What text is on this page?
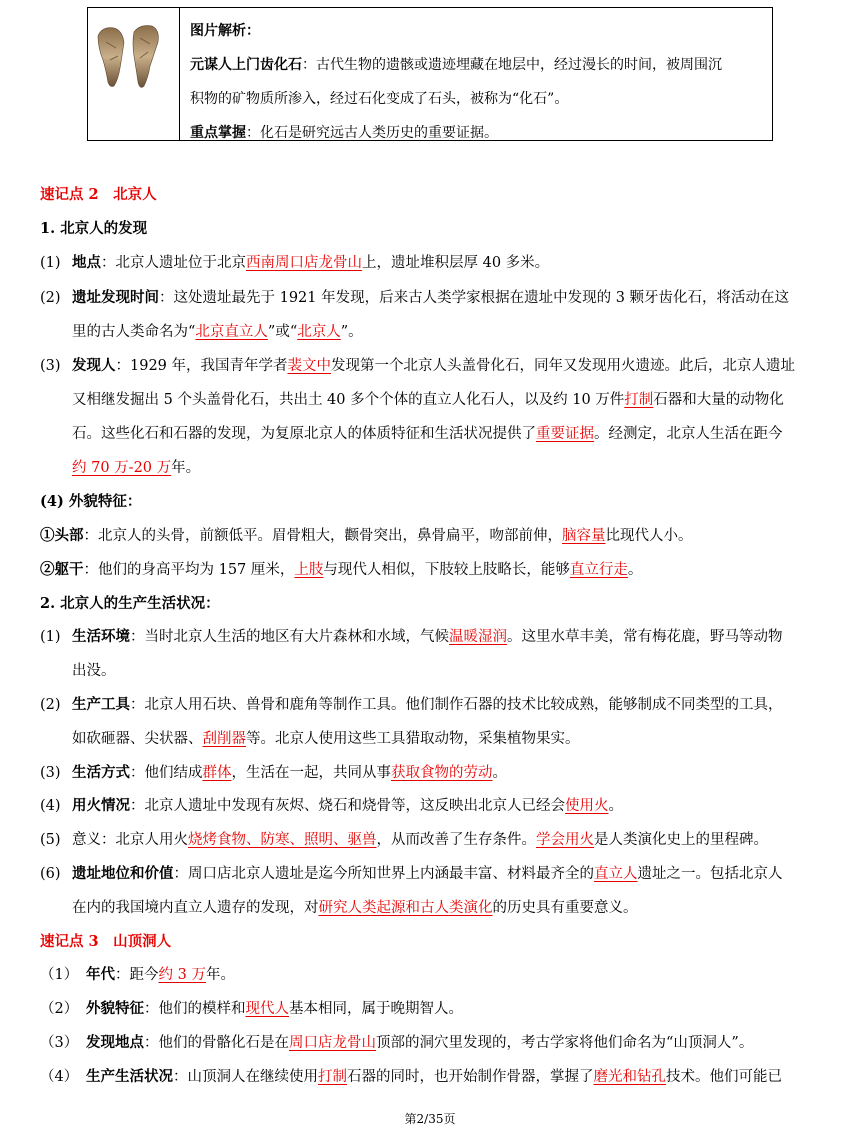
图片解析：

元谋人上门齿化石：古代生物的遗骸或遗迹埋藏在地层中，经过漫长的时间，被周围沉

积物的矿物质所渗入，经过石化变成了石头，被称为“化石”。

重点掌握：化石是研究远古人类历史的重要证据。

速记点 2　北京人
1. 北京人的发现
(1) 地点：北京人遗址位于北京西南周口店龙骨山上，遗址堆积层厚 40 多米。
(2) 遗址发现时间：这处遗址最先于 1921 年发现，后来古人类学家根据在遗址中发现的 3 颗牙齿化石，将活动在这
里的古人类命名为“北京直立人”或“北京人”。
(3) 发现人：1929 年，我国青年学者裴文中发现第一个北京人头盖骨化石，同年又发现用火遗迹。此后，北京人遗址
又相继发掘出 5 个头盖骨化石，共出土 40 多个个体的直立人化石人，以及约 10 万件打制石器和大量的动物化
石。这些化石和石器的发现，为复原北京人的体质特征和生活状况提供了重要证据。经测定，北京人生活在距今
约 70 万-20 万年。
(4) 外貌特征：
①头部：北京人的头骨，前额低平。眉骨粗大，颧骨突出，鼻骨扁平，吻部前伸，脑容量比现代人小。
②躯干：他们的身高平均为 157 厘米，上肢与现代人相似，下肢较上肢略长，能够直立行走。
2. 北京人的生产生活状况：
(1) 生活环境：当时北京人生活的地区有大片森林和水域，气候温暖湿润。这里水草丰美，常有梅花鹿，野马等动物
出没。
(2) 生产工具：北京人用石块、兽骨和鹿角等制作工具。他们制作石器的技术比较成熟，能够制成不同类型的工具，
如砍砸器、尖状器、刮削器等。北京人使用这些工具猎取动物，采集植物果实。
(3) 生活方式：他们结成群体，生活在一起，共同从事获取食物的劳动。
(4) 用火情况：北京人遗址中发现有灰烬、烧石和烧骨等，这反映出北京人已经会使用火。
(5) 意义：北京人用火烧烤食物、防寒、照明、驱兽，从而改善了生存条件。学会用火是人类演化史上的里程碑。
(6) 遗址地位和价值：周口店北京人遗址是迄今所知世界上内涵最丰富、材料最齐全的直立人遗址之一。包括北京人
在内的我国境内直立人遗存的发现，对研究人类起源和古人类演化的历史具有重要意义。
速记点 3　山顶洞人
（1） 年代：距今约 3 万年。
（2） 外貌特征：他们的模样和现代人基本相同，属于晚期智人。
（3） 发现地点：他们的骨骼化石是在周口店龙骨山顶部的洞穴里发现的，考古学家将他们命名为“山顶洞人”。
（4） 生产生活状况：山顶洞人在继续使用打制石器的同时，也开始制作骨器，掌握了磨光和钻孔技术。他们可能已
第2/35页
